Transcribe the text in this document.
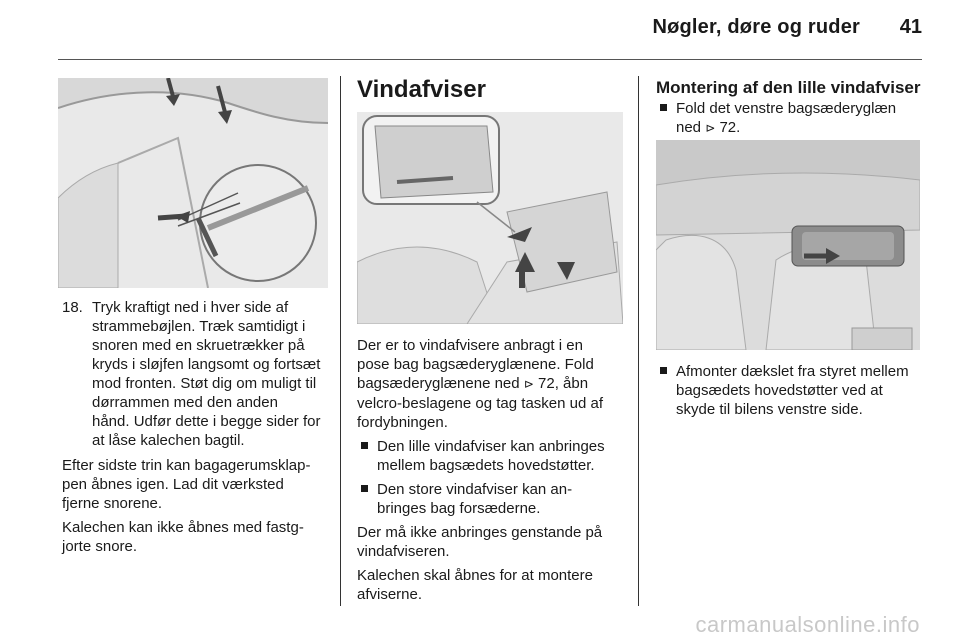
Nøgler, døre og ruder 41
18. Tryk kraftigt ned i hver side af
strammebøjlen. Træk samtidigt i
snoren med en skruetrækker på
kryds i sløjfen langsomt og fortsæt
mod fronten. Støt dig om muligt til
dørrammen med den anden
hånd. Udfør dette i begge sider for
at låse kalechen bagtil.

Efter sidste trin kan bagagerumsklap-
pen åbnes igen. Lad dit værksted
fjerne snorene.

Kalechen kan ikke åbnes med fastg-
jorte snore.

Vindafviser

Der er to vindafvisere anbragt i en
pose bag bagsæderyglænene. Fold
bagsæderyglænene ned ⊳ 72, åbn
velcro-beslagene og tag tasken ud af
fordybningen.

Den lille vindafviser kan anbringes
mellem bagsædets hovedstøtter.
Den store vindafviser kan an-
bringes bag forsæderne.

Der må ikke anbringes genstande på
vindafviseren.

Kalechen skal åbnes for at montere
afviserne.

Montering af den lille vindafviser
Fold det venstre bagsæderyglæn
ned ⊳ 72.
Afmonter dækslet fra styret mellem
bagsædets hovedstøtter ved at
skyde til bilens venstre side.
carmanualsonline.info
